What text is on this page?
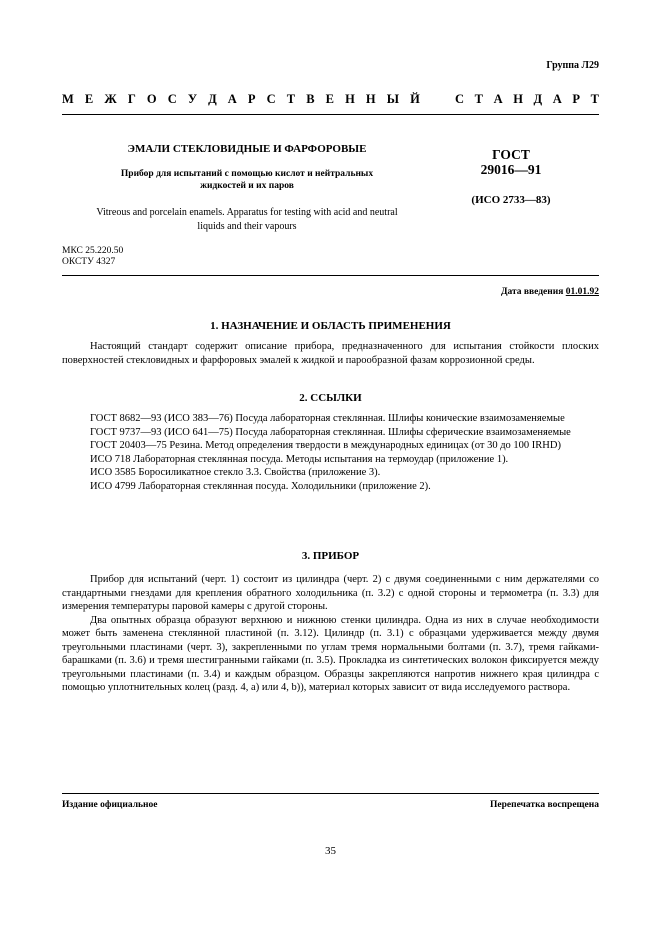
Группа Л29
М Е Ж Г О С У Д А Р С Т В Е Н Н Ы Й	С Т А Н Д А Р Т
ЭМАЛИ СТЕКЛОВИДНЫЕ И ФАРФОРОВЫЕ
Прибор для испытаний с помощью кислот и нейтральных
жидкостей и их паров
Vitreous and porcelain enamels. Apparatus for testing with acid and neutral
liquids and their vapours
ГОСТ
29016—91
(ИСО 2733—83)
МКС 25.220.50
ОКСТУ 4327
Дата введения 01.01.92
1. НАЗНАЧЕНИЕ И ОБЛАСТЬ ПРИМЕНЕНИЯ

Настоящий стандарт содержит описание прибора, предназначенного для испытания стойкости плоских поверхностей стекловидных и фарфоровых эмалей к жидкой и парообразной фазам коррозионной среды.

2. ССЫЛКИ

ГОСТ 8682—93 (ИСО 383—76) Посуда лабораторная стеклянная. Шлифы конические взаимозаменяемые

ГОСТ 9737—93 (ИСО 641—75) Посуда лабораторная стеклянная. Шлифы сферические взаимозаменяемые

ГОСТ 20403—75 Резина. Метод определения твердости в международных единицах (от 30 до 100 IRHD)

ИСО 718 Лабораторная стеклянная посуда. Методы испытания на термоудар (приложение 1).

ИСО 3585 Боросиликатное стекло 3.3. Свойства (приложение 3).

ИСО 4799 Лабораторная стеклянная посуда. Холодильники (приложение 2).

3. ПРИБОР

Прибор для испытаний (черт. 1) состоит из цилиндра (черт. 2) с двумя соединенными с ним держателями со стандартными гнездами для крепления обратного холодильника (п. 3.2) с одной стороны и термометра (п. 3.3) для измерения температуры паровой камеры с другой стороны.

Два опытных образца образуют верхнюю и нижнюю стенки цилиндра. Одна из них в случае необходимости может быть заменена стеклянной пластиной (п. 3.12). Цилиндр (п. 3.1) с образцами удерживается между двумя треугольными пластинами (черт. 3), закрепленными по углам тремя нормальными болтами (п. 3.7), тремя гайками-барашками (п. 3.6) и тремя шестигранными гайками (п. 3.5). Прокладка из синтетических волокон фиксируется между треугольными пластинами (п. 3.4) и каждым образцом. Образцы закрепляются напротив нижнего края цилиндра с помощью уплотнительных колец (разд. 4, а) или 4, b)), материал которых зависит от вида исследуемого раствора.

Издание официальное	Перепечатка воспрещена
35
